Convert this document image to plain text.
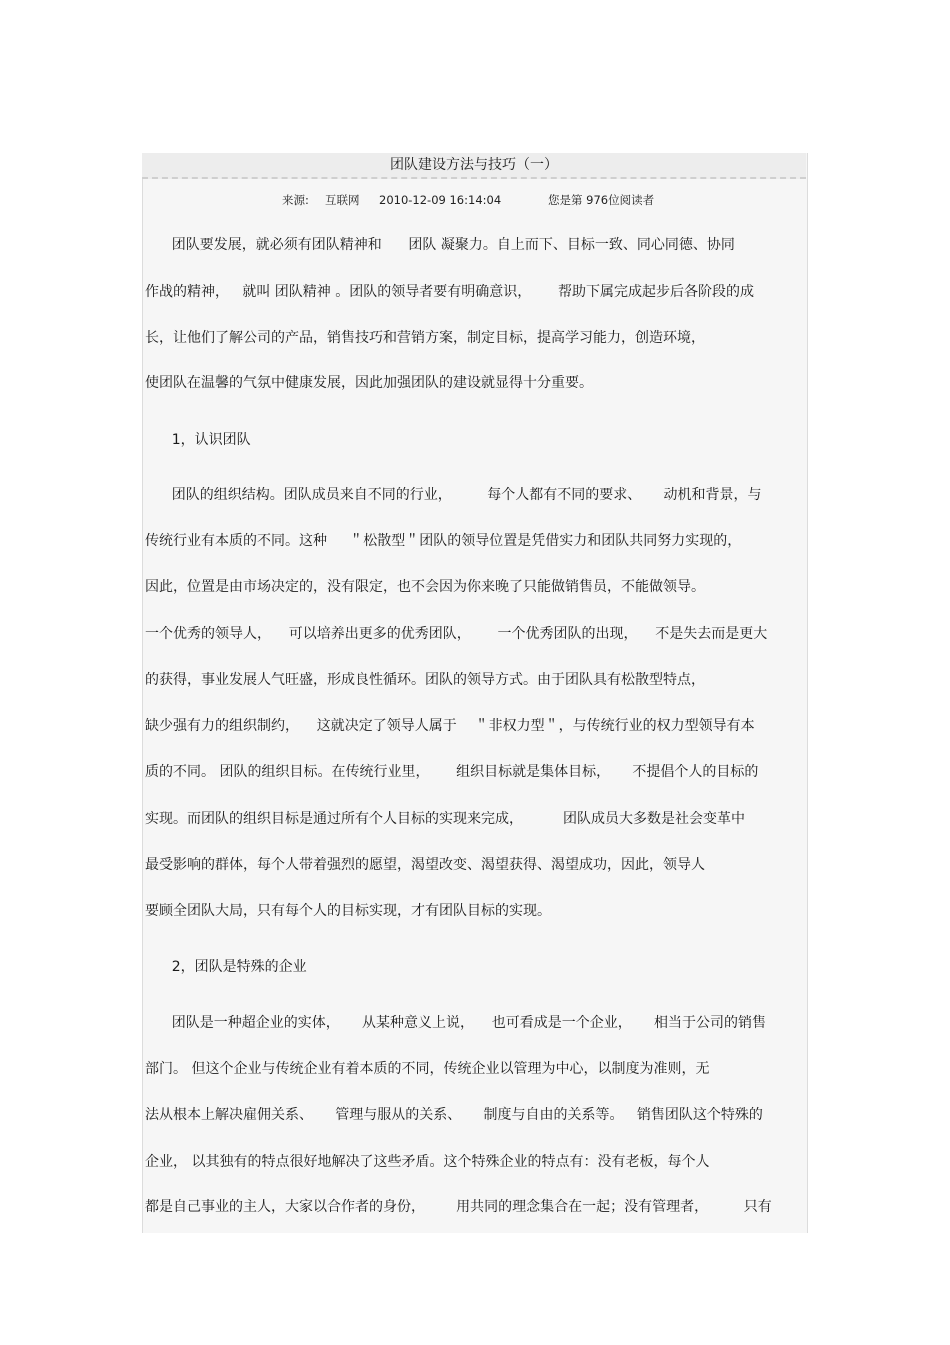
团队建设方法与技巧（一）
来源: 互联网 2010-12-09 16:14:04	您是第 976位阅读者
团队要发展，就必须有团队精神和      团队 凝聚力。自上而下、目标一致、同心同德、协同
作战的精神，   就叫 团队精神 。团队的领导者要有明确意识，      帮助下属完成起步后各阶段的成
长，让他们了解公司的产品，销售技巧和营销方案，制定目标，提高学习能力，创造环境，
使团队在温馨的气氛中健康发展，因此加强团队的建设就显得十分重要。
1，认识团队
团队的组织结构。团队成员来自不同的行业，        每个人都有不同的要求、     动机和背景，与
传统行业有本质的不同。这种     ＂松散型＂团队的领导位置是凭借实力和团队共同努力实现的，
因此，位置是由市场决定的，没有限定，也不会因为你来晚了只能做销售员，不能做领导。
一个优秀的领导人，    可以培养出更多的优秀团队，      一个优秀团队的出现，    不是失去而是更大
的获得，事业发展人气旺盛，形成良性循环。团队的领导方式。由于团队具有松散型特点，
缺少强有力的组织制约，    这就决定了领导人属于    ＂非权力型＂，与传统行业的权力型领导有本
质的不同。 团队的组织目标。在传统行业里，      组织目标就是集体目标，     不提倡个人的目标的
实现。而团队的组织目标是通过所有个人目标的实现来完成，         团队成员大多数是社会变革中
最受影响的群体，每个人带着强烈的愿望，渴望改变、渴望获得、渴望成功，因此，领导人
要顾全团队大局，只有每个人的目标实现，才有团队目标的实现。
2，团队是特殊的企业
团队是一种超企业的实体，     从某种意义上说，    也可看成是一个企业，     相当于公司的销售
部门。 但这个企业与传统企业有着本质的不同，传统企业以管理为中心，以制度为准则，无
法从根本上解决雇佣关系、     管理与服从的关系、     制度与自由的关系等。   销售团队这个特殊的
企业， 以其独有的特点很好地解决了这些矛盾。这个特殊企业的特点有：没有老板，每个人
都是自己事业的主人，大家以合作者的身份，       用共同的理念集合在一起；没有管理者，        只有
